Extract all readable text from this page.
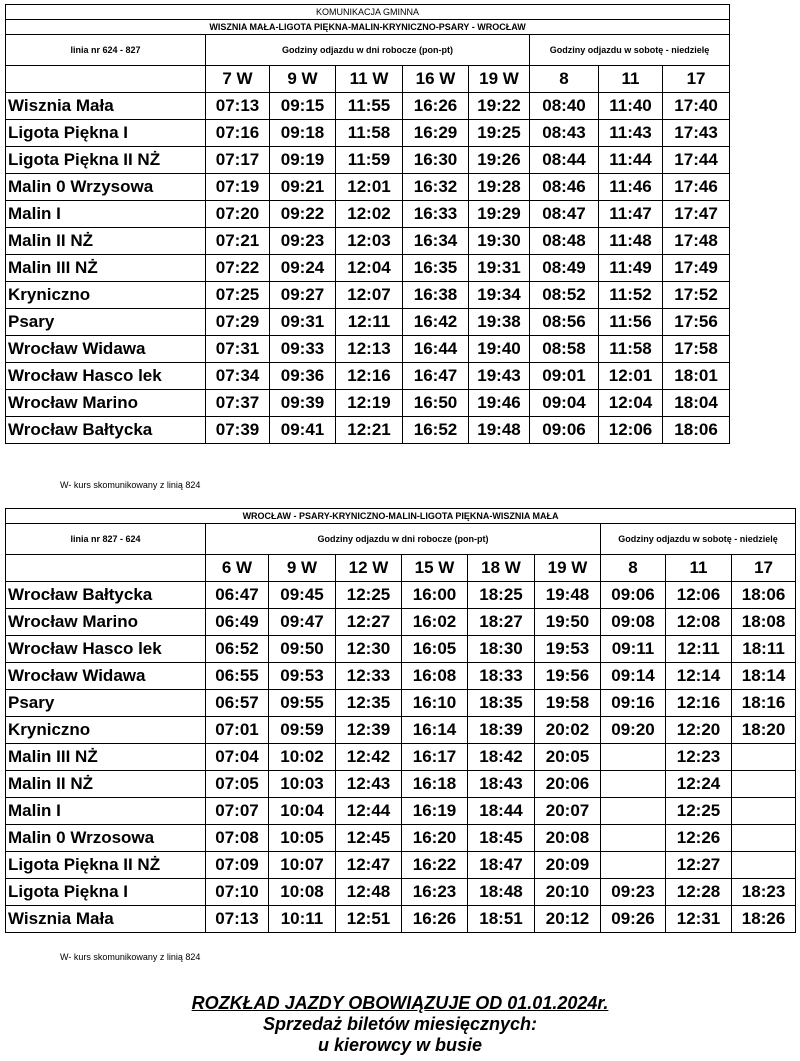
KOMUNIKACJA GMINNA								
WISZNIA MAŁA-LIGOTA PIĘKNA-MALIN-KRYNICZNO-PSARY - WROCŁAW								
linia nr 624 - 827	Godziny odjazdu w dni robocze (pon-pt)					Godziny odjazdu w sobotę - niedzielę		
	7 W	9 W	11 W	16 W	19 W	8	11	17
Wisznia Mała	07:13	09:15	11:55	16:26	19:22	08:40	11:40	17:40
Ligota Piękna I	07:16	09:18	11:58	16:29	19:25	08:43	11:43	17:43
Ligota Piękna II NŻ	07:17	09:19	11:59	16:30	19:26	08:44	11:44	17:44
Malin 0 Wrzysowa	07:19	09:21	12:01	16:32	19:28	08:46	11:46	17:46
Malin I	07:20	09:22	12:02	16:33	19:29	08:47	11:47	17:47
Malin II NŻ	07:21	09:23	12:03	16:34	19:30	08:48	11:48	17:48
Malin III NŻ	07:22	09:24	12:04	16:35	19:31	08:49	11:49	17:49
Kryniczno	07:25	09:27	12:07	16:38	19:34	08:52	11:52	17:52
Psary	07:29	09:31	12:11	16:42	19:38	08:56	11:56	17:56
Wrocław Widawa	07:31	09:33	12:13	16:44	19:40	08:58	11:58	17:58
Wrocław Hasco lek	07:34	09:36	12:16	16:47	19:43	09:01	12:01	18:01
Wrocław Marino	07:37	09:39	12:19	16:50	19:46	09:04	12:04	18:04
Wrocław Bałtycka	07:39	09:41	12:21	16:52	19:48	09:06	12:06	18:06
W- kurs skomunikowany z linią 824
WROCŁAW - PSARY-KRYNICZNO-MALIN-LIGOTA PIĘKNA-WISZNIA MAŁA									
linia nr 827 - 624	Godziny odjazdu w dni robocze (pon-pt)						Godziny odjazdu w sobotę - niedzielę		
	6 W	9 W	12 W	15 W	18 W	19 W	8	11	17
Wrocław Bałtycka	06:47	09:45	12:25	16:00	18:25	19:48	09:06	12:06	18:06
Wrocław Marino	06:49	09:47	12:27	16:02	18:27	19:50	09:08	12:08	18:08
Wrocław Hasco lek	06:52	09:50	12:30	16:05	18:30	19:53	09:11	12:11	18:11
Wrocław Widawa	06:55	09:53	12:33	16:08	18:33	19:56	09:14	12:14	18:14
Psary	06:57	09:55	12:35	16:10	18:35	19:58	09:16	12:16	18:16
Kryniczno	07:01	09:59	12:39	16:14	18:39	20:02	09:20	12:20	18:20
Malin III NŻ	07:04	10:02	12:42	16:17	18:42	20:05		12:23	
Malin II NŻ	07:05	10:03	12:43	16:18	18:43	20:06		12:24	
Malin I	07:07	10:04	12:44	16:19	18:44	20:07		12:25	
Malin 0 Wrzosowa	07:08	10:05	12:45	16:20	18:45	20:08		12:26	
Ligota Piękna II NŻ	07:09	10:07	12:47	16:22	18:47	20:09		12:27	
Ligota Piękna I	07:10	10:08	12:48	16:23	18:48	20:10	09:23	12:28	18:23
Wisznia Mała	07:13	10:11	12:51	16:26	18:51	20:12	09:26	12:31	18:26
W- kurs skomunikowany z linią 824
ROZKŁAD JAZDY OBOWIĄZUJE OD 01.01.2024r.
Sprzedaż biletów miesięcznych:
u kierowcy w busie
